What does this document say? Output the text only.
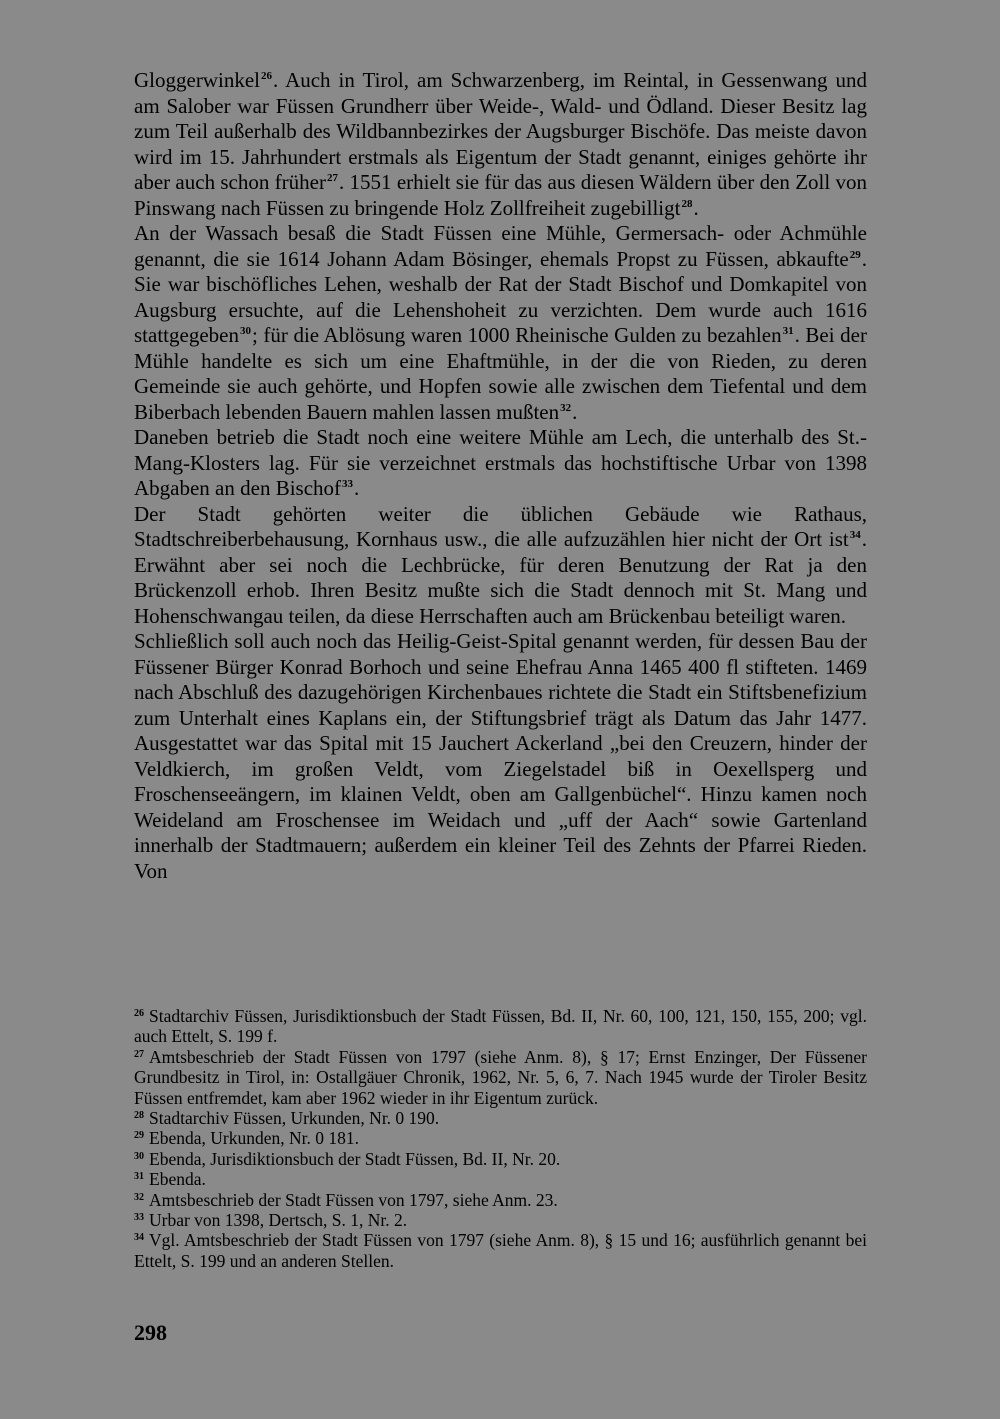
Gloggerwinkel$^{26}$. Auch in Tirol, am Schwarzenberg, im Reintal, in Gessenwang und am Salober war Füssen Grundherr über Weide-, Wald- und Ödland. Dieser Besitz lag zum Teil außerhalb des Wildbannbezirkes der Augsburger Bischöfe. Das meiste davon wird im 15. Jahrhundert erstmals als Eigentum der Stadt genannt, einiges gehörte ihr aber auch schon früher$^{27}$. 1551 erhielt sie für das aus diesen Wäldern über den Zoll von Pinswang nach Füssen zu bringende Holz Zollfreiheit zugebilligt$^{28}$.

An der Wassach besaß die Stadt Füssen eine Mühle, Germersach- oder Achmühle genannt, die sie 1614 Johann Adam Bösinger, ehemals Propst zu Füssen, abkaufte$^{29}$. Sie war bischöfliches Lehen, weshalb der Rat der Stadt Bischof und Domkapitel von Augsburg ersuchte, auf die Lehenshoheit zu verzichten. Dem wurde auch 1616 stattgegeben$^{30}$; für die Ablösung waren 1000 Rheinische Gulden zu bezahlen$^{31}$. Bei der Mühle handelte es sich um eine Ehaftmühle, in der die von Rieden, zu deren Gemeinde sie auch gehörte, und Hopfen sowie alle zwischen dem Tiefental und dem Biberbach lebenden Bauern mahlen lassen mußten$^{32}$.

Daneben betrieb die Stadt noch eine weitere Mühle am Lech, die unterhalb des St.-Mang-Klosters lag. Für sie verzeichnet erstmals das hochstiftische Urbar von 1398 Abgaben an den Bischof$^{33}$.

Der Stadt gehörten weiter die üblichen Gebäude wie Rathaus, Stadtschreiberbehausung, Kornhaus usw., die alle aufzuzählen hier nicht der Ort ist$^{34}$. Erwähnt aber sei noch die Lechbrücke, für deren Benutzung der Rat ja den Brückenzoll erhob. Ihren Besitz mußte sich die Stadt dennoch mit St. Mang und Hohenschwangau teilen, da diese Herrschaften auch am Brückenbau beteiligt waren.

Schließlich soll auch noch das Heilig-Geist-Spital genannt werden, für dessen Bau der Füssener Bürger Konrad Borhoch und seine Ehefrau Anna 1465 400 fl stifteten. 1469 nach Abschluß des dazugehörigen Kirchenbaues richtete die Stadt ein Stiftsbenefizium zum Unterhalt eines Kaplans ein, der Stiftungsbrief trägt als Datum das Jahr 1477. Ausgestattet war das Spital mit 15 Jauchert Ackerland „bei den Creuzern, hinder der Veldkierch, im großen Veldt, vom Ziegelstadel biß in Oexellsperg und Froschenseeängern, im klainen Veldt, oben am Gallgenbüchel“. Hinzu kamen noch Weideland am Froschensee im Weidach und „uff der Aach“ sowie Gartenland innerhalb der Stadtmauern; außerdem ein kleiner Teil des Zehnts der Pfarrei Rieden. Von

$^{26}$ Stadtarchiv Füssen, Jurisdiktionsbuch der Stadt Füssen, Bd. II, Nr. 60, 100, 121, 150, 155, 200; vgl. auch Ettelt, S. 199 f.

$^{27}$ Amtsbeschrieb der Stadt Füssen von 1797 (siehe Anm. 8), § 17; Ernst Enzinger, Der Füssener Grundbesitz in Tirol, in: Ostallgäuer Chronik, 1962, Nr. 5, 6, 7. Nach 1945 wurde der Tiroler Besitz Füssen entfremdet, kam aber 1962 wieder in ihr Eigentum zurück.

$^{28}$ Stadtarchiv Füssen, Urkunden, Nr. 0 190.

$^{29}$ Ebenda, Urkunden, Nr. 0 181.

$^{30}$ Ebenda, Jurisdiktionsbuch der Stadt Füssen, Bd. II, Nr. 20.

$^{31}$ Ebenda.

$^{32}$ Amtsbeschrieb der Stadt Füssen von 1797, siehe Anm. 23.

$^{33}$ Urbar von 1398, Dertsch, S. 1, Nr. 2.

$^{34}$ Vgl. Amtsbeschrieb der Stadt Füssen von 1797 (siehe Anm. 8), § 15 und 16; ausführlich genannt bei Ettelt, S. 199 und an anderen Stellen.

298
